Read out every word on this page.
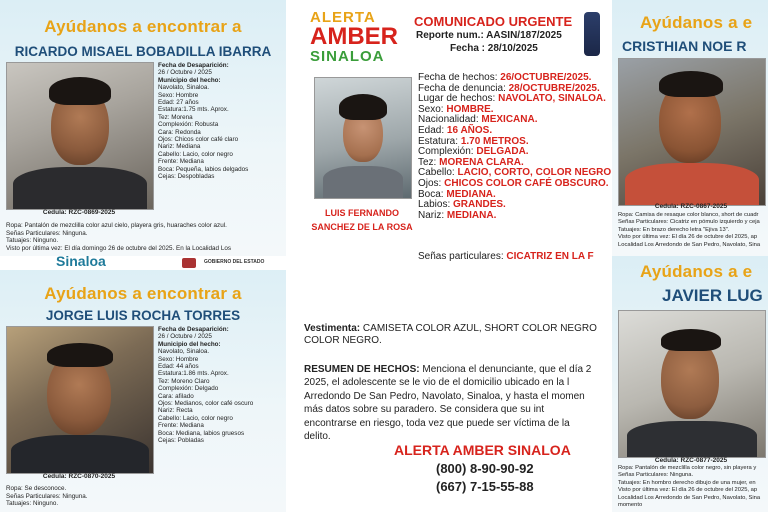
Ayúdanos a encontrar a
RICARDO MISAEL BOBADILLA IBARRA
Fecha de Desaparición:
26 / Octubre / 2025
Municipio del hecho:
Navolato, Sinaloa.
Sexo: Hombre
Edad: 27 años
Estatura:1.75 mts. Aprox.
Tez: Morena
Complexión: Robusta
Cara: Redonda
Ojos: Chicos color café claro
Nariz: Mediana
Cabello: Lacio, color negro
Frente: Mediana
Boca: Pequeña, labios delgados
Cejas: Despobladas
Cedula: RZC-0869-2025
Ropa: Pantalón de mezclilla color azul cielo, playera gris, huaraches color azul.
Señas Particulares: Ninguna.
Tatuajes: Ninguno.
Visto por última vez: El día domingo 26 de octubre del 2025. En la Localidad Los
Sinaloa	GOBIERNO DEL ESTADO
Ayúdanos a encontrar a
JORGE LUIS ROCHA TORRES
Fecha de Desaparición:
26 / Octubre / 2025
Municipio del hecho:
Navolato, Sinaloa.
Sexo: Hombre
Edad: 44 años
Estatura:1.86 mts. Aprox.
Tez: Moreno Claro
Complexión: Delgado
Cara: afilado
Ojos: Medianos, color café oscuro
Nariz: Recta
Cabello: Lacio, color negro
Frente: Mediana
Boca: Mediana, labios gruesos
Cejas: Pobladas
Cedula: RZC-0870-2025
Ropa: Se desconoce.
Señas Particulares: Ninguna.
Tatuajes: Ninguno.
ALERTA
AMBER
SINALOA
COMUNICADO URGENTE
Reporte num.: AASIN/187/2025
Fecha : 28/10/2025
LUIS FERNANDO
SANCHEZ DE LA ROSA
Fecha de hechos: 26/OCTUBRE/2025.
Fecha de denuncia: 28/OCTUBRE/2025.
Lugar de hechos: NAVOLATO, SINALOA.
Sexo: HOMBRE.
Nacionalidad: MEXICANA.
Edad: 16 AÑOS.
Estatura: 1.70 METROS.
Complexión: DELGADA.
Tez: MORENA CLARA.
Cabello: LACIO, CORTO, COLOR NEGRO
Ojos: CHICOS COLOR CAFÉ OBSCURO.
Boca: MEDIANA.
Labios: GRANDES.
Nariz: MEDIANA.
Señas particulares: CICATRIZ EN LA F
Vestimenta: CAMISETA COLOR AZUL, SHORT COLOR NEGRO
COLOR NEGRO.
RESUMEN DE HECHOS: Menciona el denunciante, que el día 2
2025, el adolescente se le vio de el domicilio ubicado en la l
Arredondo De San Pedro, Navolato, Sinaloa, y hasta el momen
más datos sobre su paradero. Se considera que su int
encontrarse en riesgo, toda vez que puede ser víctima de la
delito.
ALERTA AMBER SINALOA
(800) 8-90-90-92
(667) 7-15-55-88
Ayúdanos a e
CRISTHIAN NOE R
Cedula: RZC-0867-2025
Ropa: Camisa de resaque color blanco, short de cuadr
Señas Particulares: Cicatriz en pómulo izquierdo y ceja
Tatuajes: En brazo derecho letra "Ejiva 13".
Visto por última vez: El día 26 de octubre del 2025, ap
Localidad Los Arredondo de San Pedro, Navolato, Sina
Ayúdanos a e
JAVIER LUG
Cedula: RZC-0877-2025
Ropa: Pantalón de mezclilla color negro, sin playera y
Señas Particulares: Ninguna.
Tatuajes: En hombro derecho dibujo de una mujer, en
Visto por última vez: El día 26 de octubre del 2025, ap
Localidad Los Arredondo de San Pedro, Navolato, Sina
momento
